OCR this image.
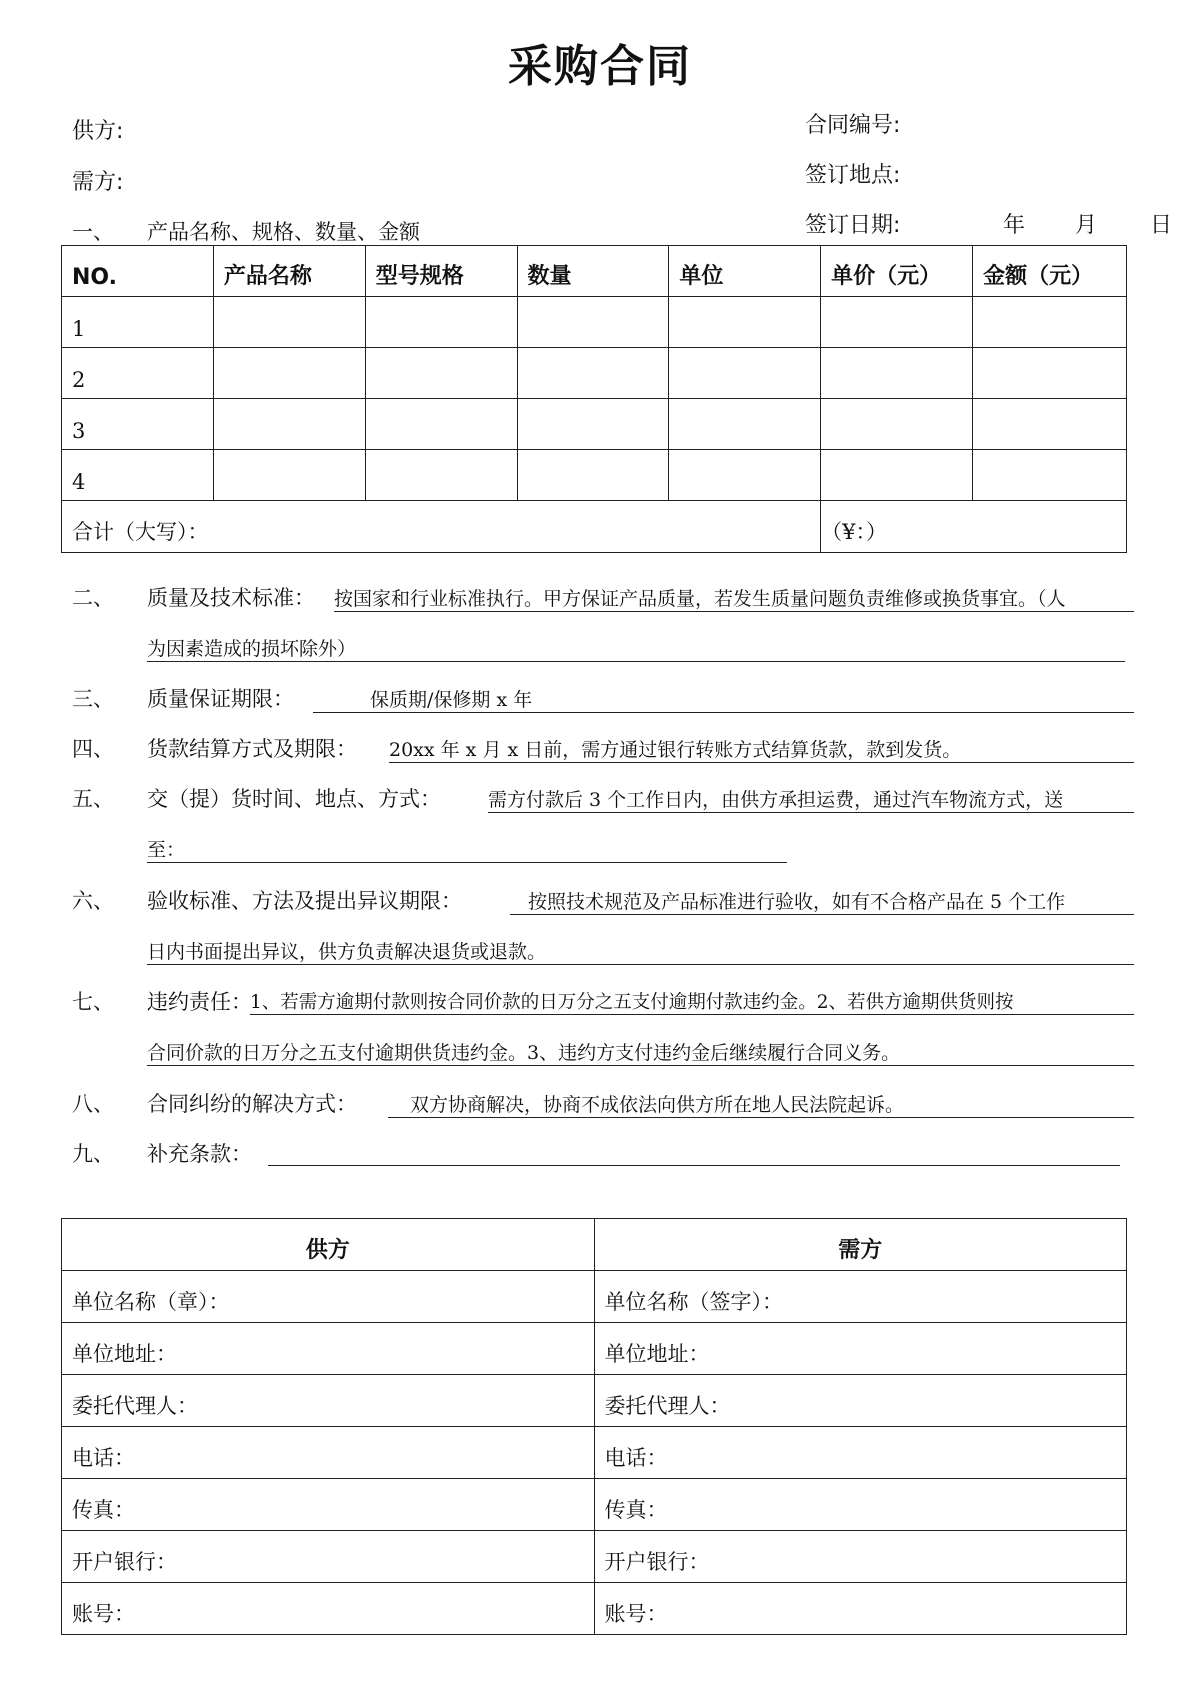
采购合同
供方:
需方:
合同编号:
签订地点:
签订日期:	年 月 日
一、 产品名称、规格、数量、金额
NO.	产品名称	型号规格	数量	单位	单价（元）	金额（元）
1						
2						
3						
4						
合计（大写）：					（¥：）	
二、 质量及技术标准： 按国家和行业标准执行。甲方保证产品质量，若发生质量问题负责维修或换货事宜。（人
为因素造成的损坏除外）
三、 质量保证期限：	保质期/保修期 x 年
四、 货款结算方式及期限： 20xx 年 x 月 x 日前，需方通过银行转账方式结算货款，款到发货。
五、 交（提）货时间、地点、方式： 需方付款后 3 个工作日内，由供方承担运费，通过汽车物流方式，送
至：
六、 验收标准、方法及提出异议期限：	按照技术规范及产品标准进行验收，如有不合格产品在 5 个工作
日内书面提出异议，供方负责解决退货或退款。
七、 违约责任：
1、若需方逾期付款则按合同价款的日万分之五支付逾期付款违约金。2、若供方逾期供货则按
合同价款的日万分之五支付逾期供货违约金。3、违约方支付违约金后继续履行合同义务。
八、 合同纠纷的解决方式：	双方协商解决，协商不成依法向供方所在地人民法院起诉。
九、 补充条款：
供方	需方
单位名称（章）：	单位名称（签字）：
单位地址：	单位地址：
委托代理人：	委托代理人：
电话：	电话：
传真：	传真：
开户银行：	开户银行：
账号：	账号：
